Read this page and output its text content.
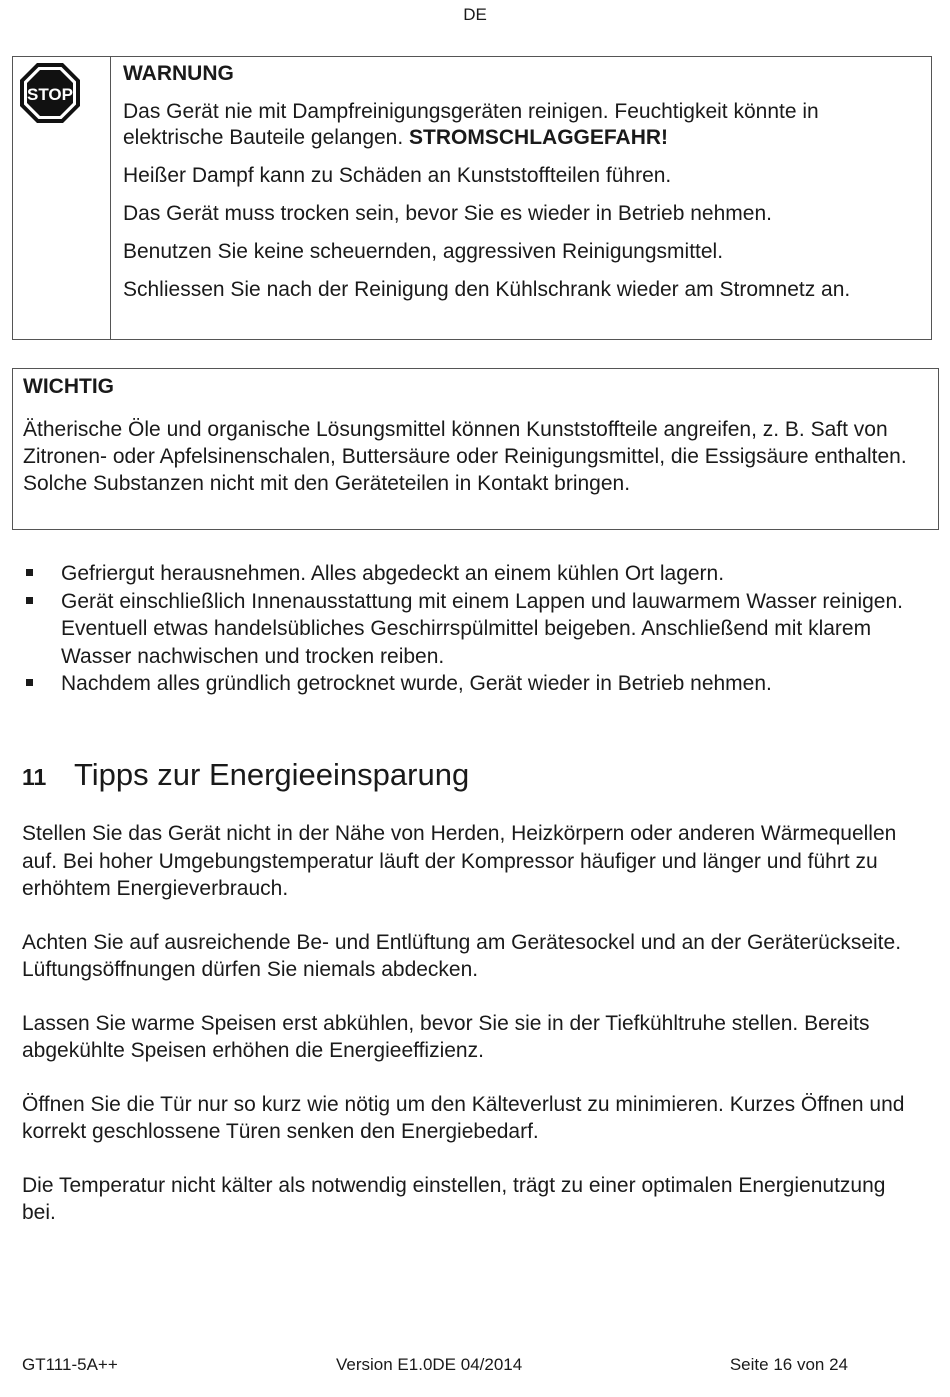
DE
STOP

WARNUNG

Das Gerät nie mit Dampfreinigungsgeräten reinigen. Feuchtigkeit könnte in elektrische Bauteile gelangen. STROMSCHLAGGEFAHR!

Heißer Dampf kann zu Schäden an Kunststoffteilen führen.

Das Gerät muss trocken sein, bevor Sie es wieder in Betrieb nehmen.

Benutzen Sie keine scheuernden, aggressiven Reinigungsmittel.

Schliessen Sie nach der Reinigung den Kühlschrank wieder am Stromnetz an.

WICHTIG

Ätherische Öle und organische Lösungsmittel können Kunststoffteile angreifen, z. B. Saft von Zitronen- oder Apfelsinenschalen, Buttersäure oder Reinigungsmittel, die Essigsäure enthalten. Solche Substanzen nicht mit den Geräteteilen in Kontakt bringen.

Gefriergut herausnehmen. Alles abgedeckt an einem kühlen Ort lagern.
Gerät einschließlich Innenausstattung mit einem Lappen und lauwarmem Wasser reinigen. Eventuell etwas handelsübliches Geschirrspülmittel beigeben. Anschließend mit klarem Wasser nachwischen und trocken reiben.
Nachdem alles gründlich getrocknet wurde, Gerät wieder in Betrieb nehmen.
11 Tipps zur Energieeinsparung

Stellen Sie das Gerät nicht in der Nähe von Herden, Heizkörpern oder anderen Wärmequellen auf. Bei hoher Umgebungstemperatur läuft der Kompressor häufiger und länger und führt zu erhöhtem Energieverbrauch.

Achten Sie auf ausreichende Be- und Entlüftung am Gerätesockel und an der Geräterückseite. Lüftungsöffnungen dürfen Sie niemals abdecken.

Lassen Sie warme Speisen erst abkühlen, bevor Sie sie in der Tiefkühltruhe stellen. Bereits abgekühlte Speisen erhöhen die Energieeffizienz.

Öffnen Sie die Tür nur so kurz wie nötig um den Kälteverlust zu minimieren. Kurzes Öffnen und korrekt geschlossene Türen senken den Energiebedarf.

Die Temperatur nicht kälter als notwendig einstellen, trägt zu einer optimalen Energienutzung bei.

GT111-5A++	Version E1.0DE 04/2014	Seite 16 von 24
